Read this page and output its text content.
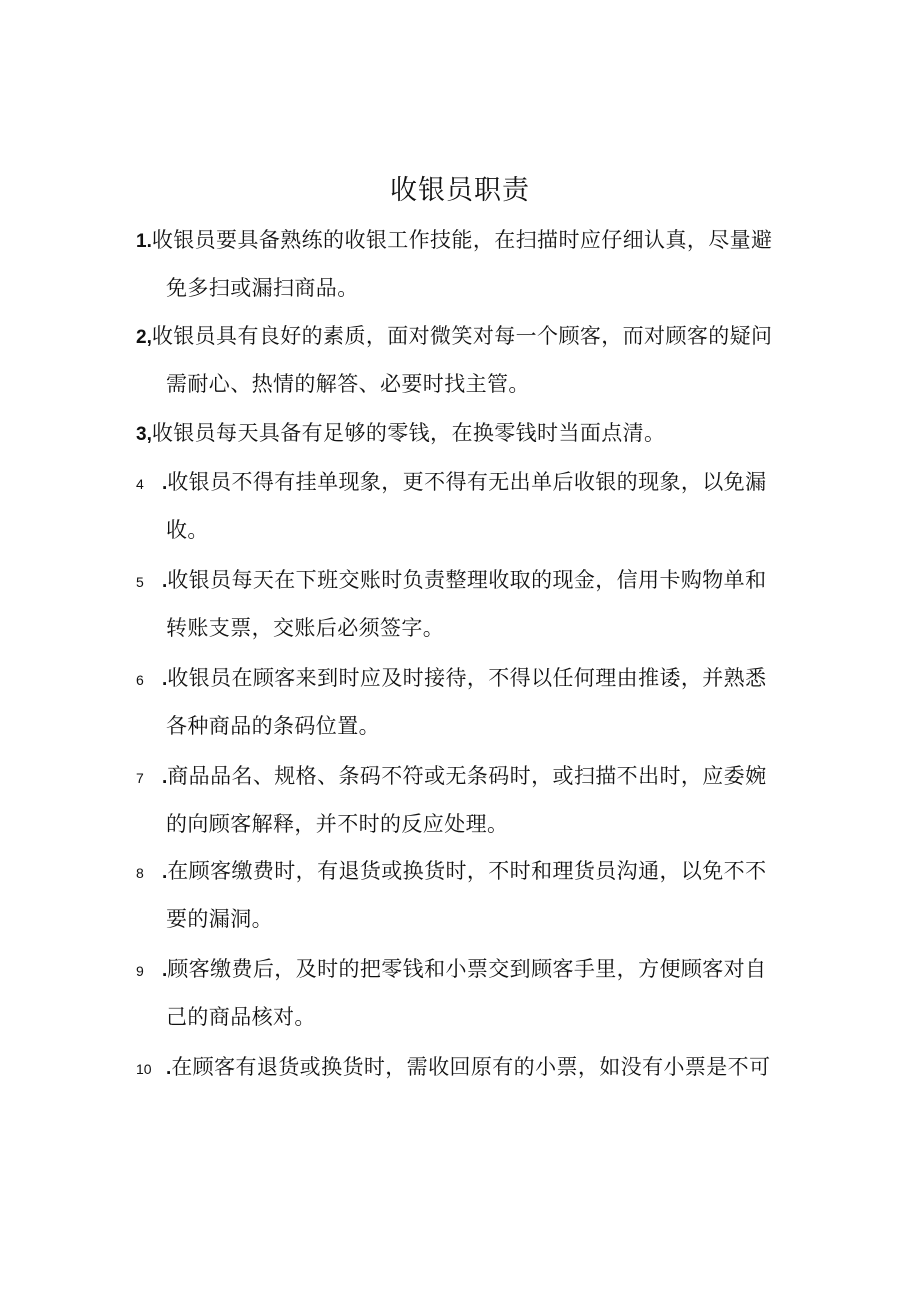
收银员职责
1.收银员要具备熟练的收银工作技能，在扫描时应仔细认真，尽量避
免多扫或漏扫商品。
2,收银员具有良好的素质，面对微笑对每一个顾客，而对顾客的疑问
需耐心、热情的解答、必要时找主管。
3,收银员每天具备有足够的零钱，在换零钱时当面点清。
4 .收银员不得有挂单现象，更不得有无出单后收银的现象，以免漏
收。
5 .收银员每天在下班交账时负责整理收取的现金，信用卡购物单和
转账支票，交账后必须签字。
6 .收银员在顾客来到时应及时接待，不得以任何理由推诿，并熟悉
各种商品的条码位置。
7 .商品品名、规格、条码不符或无条码时，或扫描不出时，应委婉
的向顾客解释，并不时的反应处理。
8 .在顾客缴费时，有退货或换货时，不时和理货员沟通，以免不不
要的漏洞。
9 .顾客缴费后，及时的把零钱和小票交到顾客手里，方便顾客对自
己的商品核对。
10 .在顾客有退货或换货时，需收回原有的小票，如没有小票是不可
